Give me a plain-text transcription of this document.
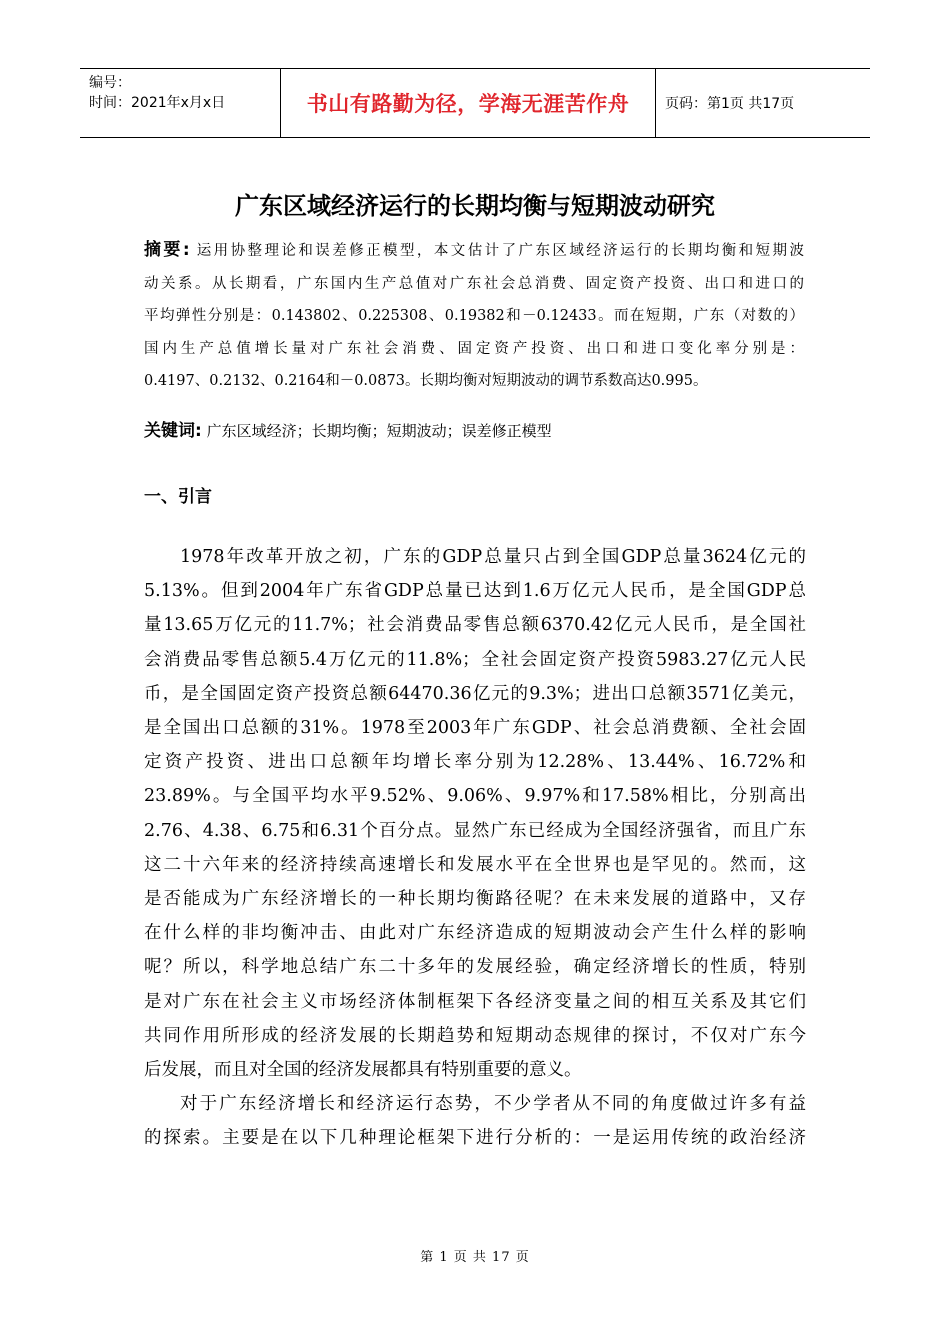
编号：
时间：2021年x月x日	书山有路勤为径，学海无涯苦作舟	页码：第1页 共17页
广东区域经济运行的长期均衡与短期波动研究
摘要: 运用协整理论和误差修正模型，本文估计了广东区域经济运行的长期均衡和短期波
动关系。从长期看，广东国内生产总值对广东社会总消费、固定资产投资、出口和进口的
平均弹性分别是：0.143802、0.225308、0.19382和－0.12433。而在短期，广东（对数的）
国内生产总值增长量对广东社会消费、固定资产投资、出口和进口变化率分别是：
0.4197、0.2132、0.2164和－0.0873。长期均衡对短期波动的调节系数高达0.995。
关键词: 广东区域经济；长期均衡；短期波动；误差修正模型
一、引言
1978年改革开放之初，广东的GDP总量只占到全国GDP总量3624亿元的
5.13%。但到2004年广东省GDP总量已达到1.6万亿元人民币，是全国GDP总
量13.65万亿元的11.7%；社会消费品零售总额6370.42亿元人民币，是全国社
会消费品零售总额5.4万亿元的11.8%；全社会固定资产投资5983.27亿元人民
币，是全国固定资产投资总额64470.36亿元的9.3%；进出口总额3571亿美元，
是全国出口总额的31%。1978至2003年广东GDP、社会总消费额、全社会固
定资产投资、进出口总额年均增长率分别为12.28%、13.44%、16.72%和
23.89%。与全国平均水平9.52%、9.06%、9.97%和17.58%相比，分别高出
2.76、4.38、6.75和6.31个百分点。显然广东已经成为全国经济强省，而且广东
这二十六年来的经济持续高速增长和发展水平在全世界也是罕见的。然而，这
是否能成为广东经济增长的一种长期均衡路径呢？在未来发展的道路中，又存
在什么样的非均衡冲击、由此对广东经济造成的短期波动会产生什么样的影响
呢？所以，科学地总结广东二十多年的发展经验，确定经济增长的性质，特别
是对广东在社会主义市场经济体制框架下各经济变量之间的相互关系及其它们
共同作用所形成的经济发展的长期趋势和短期动态规律的探讨，不仅对广东今
后发展，而且对全国的经济发展都具有特别重要的意义。
对于广东经济增长和经济运行态势，不少学者从不同的角度做过许多有益
的探索。主要是在以下几种理论框架下进行分析的：一是运用传统的政治经济
第 1 页 共 17 页
